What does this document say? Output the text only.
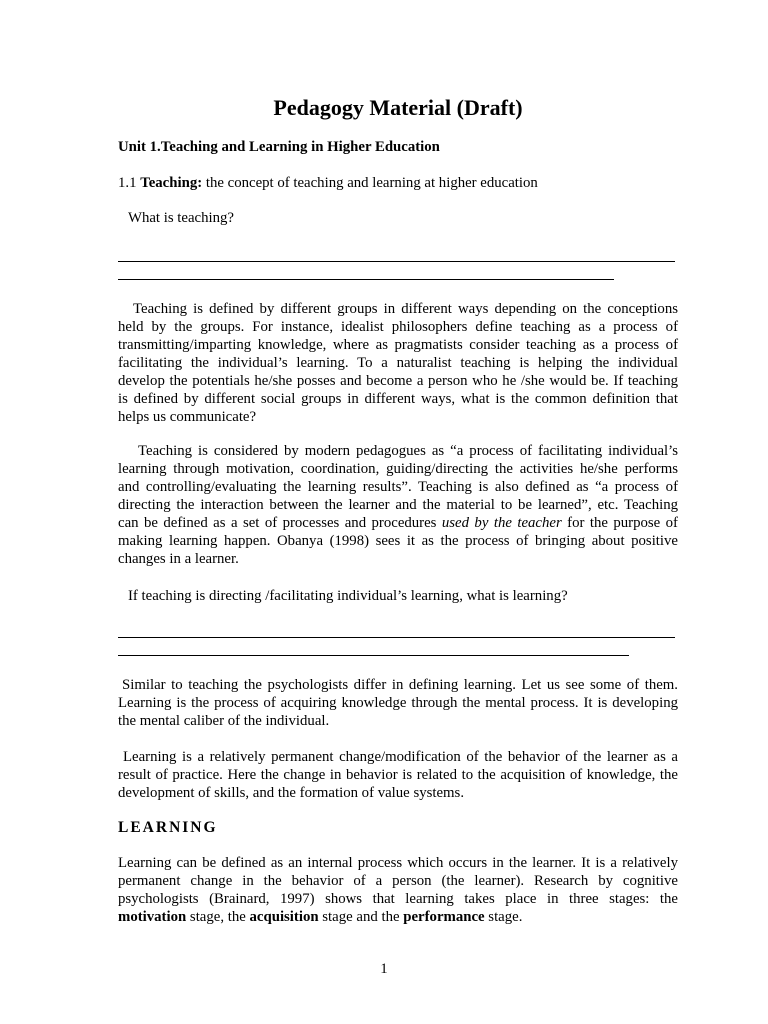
Pedagogy Material (Draft)
Unit 1.Teaching and Learning in Higher Education
1.1 Teaching: the concept of teaching and learning at higher education
What is teaching?
Teaching is defined by different groups in different ways depending on the conceptions
held by the groups. For instance, idealist philosophers define teaching as a process of
transmitting/imparting knowledge, where as pragmatists consider teaching as a process of
facilitating the individual’s learning. To a naturalist teaching is helping the individual
develop the potentials he/she posses and become a person who he /she would be. If teaching
is defined by different social groups in different ways, what is the common definition that
helps us communicate?
Teaching is considered by modern pedagogues as “a process of facilitating individual’s
learning through motivation, coordination, guiding/directing the activities he/she performs
and controlling/evaluating the learning results”. Teaching is also defined as “a process of
directing the interaction between the learner and the material to be learned”, etc. Teaching
can be defined as a set of processes and procedures used by the teacher for the purpose of
making learning happen. Obanya (1998) sees it as the process of bringing about positive
changes in a learner.
If teaching is directing /facilitating individual’s learning, what is learning?
Similar to teaching the psychologists differ in defining learning. Let us see some of them.
Learning is the process of acquiring knowledge through the mental process. It is developing
the mental caliber of the individual.
Learning is a relatively permanent change/modification of the behavior of the learner as a
result of practice. Here the change in behavior is related to the acquisition of knowledge, the
development of skills, and the formation of value systems.
LEARNING
Learning can be defined as an internal process which occurs in the learner. It is a relatively
permanent change in the behavior of a person (the learner). Research by cognitive
psychologists (Brainard, 1997) shows that learning takes place in three stages: the
motivation stage, the acquisition stage and the performance stage.
1
